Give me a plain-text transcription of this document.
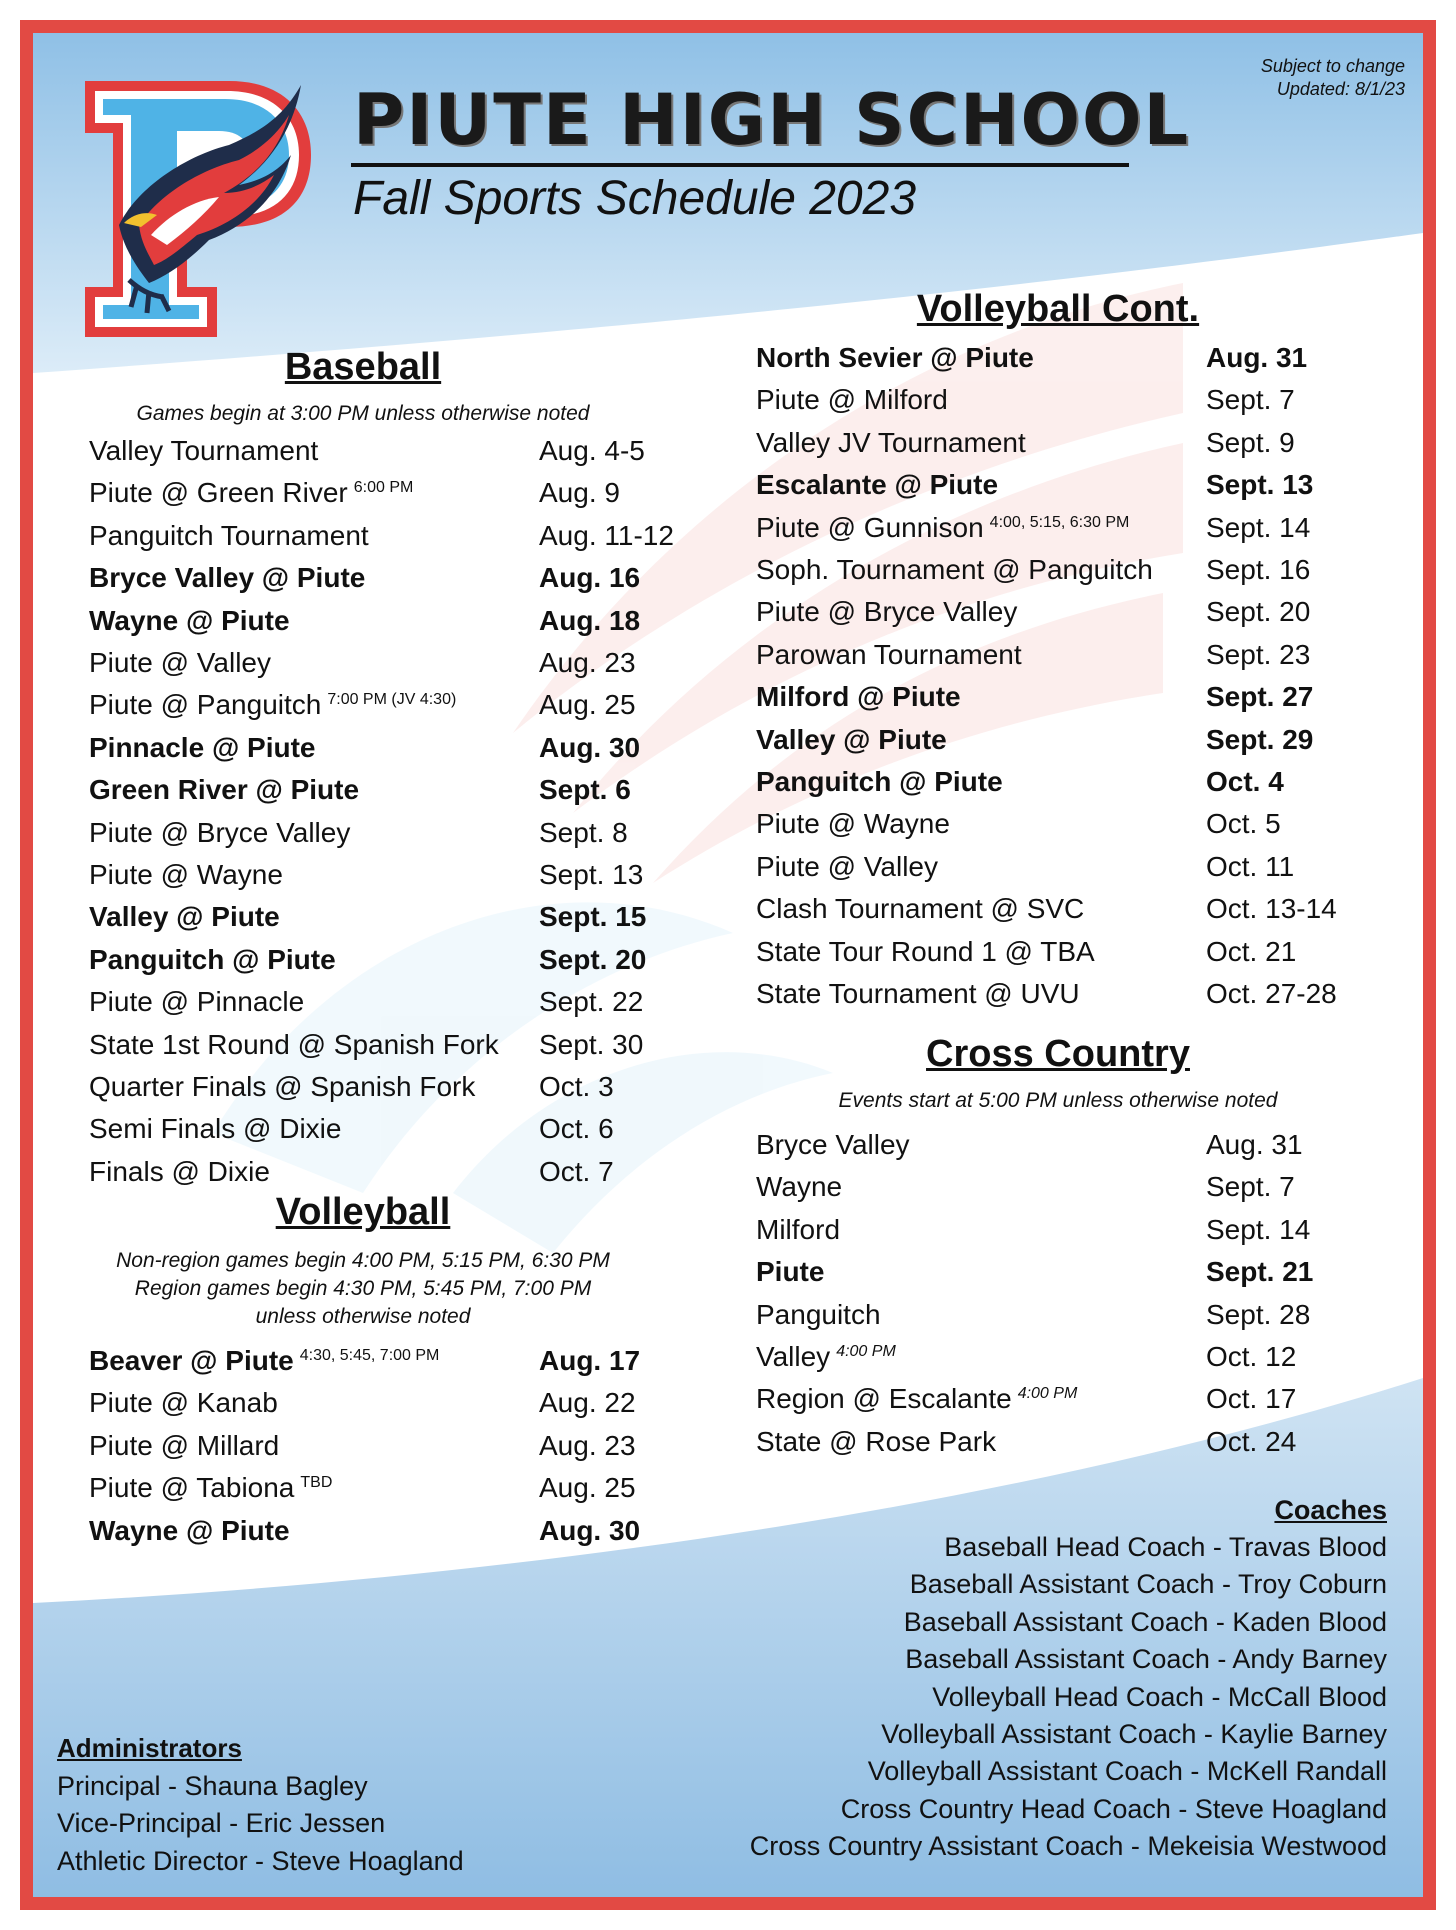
Subject to change
Updated: 8/1/23
PIUTE HIGH SCHOOL
Fall Sports Schedule 2023
Baseball
Games begin at 3:00 PM unless otherwise noted
Valley Tournament	Aug. 4-5
Piute @ Green River $^{6:00 PM}$	Aug. 9
Panguitch Tournament	Aug. 11-12
Bryce Valley @ Piute	Aug. 16
Wayne @ Piute	Aug. 18
Piute @ Valley	Aug. 23
Piute @ Panguitch $^{7:00 PM (JV 4:30)}$	Aug. 25
Pinnacle @ Piute	Aug. 30
Green River @ Piute	Sept. 6
Piute @ Bryce Valley	Sept. 8
Piute @ Wayne	Sept. 13
Valley @ Piute	Sept. 15
Panguitch @ Piute	Sept. 20
Piute @ Pinnacle	Sept. 22
State 1st Round @ Spanish Fork Sept. 30
Quarter Finals @ Spanish Fork Oct. 3
Semi Finals @ Dixie	Oct. 6
Finals @ Dixie	Oct. 7
Volleyball
Non-region games begin 4:00 PM, 5:15 PM, 6:30 PM
Region games begin 4:30 PM, 5:45 PM, 7:00 PM
unless otherwise noted
Beaver @ Piute $^{4:30, 5:45, 7:00 PM}$	Aug. 17
Piute @ Kanab	Aug. 22
Piute @ Millard	Aug. 23
Piute @ Tabiona $^{TBD}$	Aug. 25
Wayne @ Piute	Aug. 30
Volleyball Cont.
North Sevier @ Piute	Aug. 31
Piute @ Milford	Sept. 7
Valley JV Tournament	Sept. 9
Escalante @ Piute	Sept. 13
Piute @ Gunnison $^{4:00, 5:15, 6:30 PM}$	Sept. 14
Soph. Tournament @ Panguitch Sept. 16
Piute @ Bryce Valley	Sept. 20
Parowan Tournament	Sept. 23
Milford @ Piute	Sept. 27
Valley @ Piute	Sept. 29
Panguitch @ Piute	Oct. 4
Piute @ Wayne	Oct. 5
Piute @ Valley	Oct. 11
Clash Tournament @ SVC	Oct. 13-14
State Tour Round 1 @ TBA	Oct. 21
State Tournament @ UVU	Oct. 27-28
Cross Country
Events start at 5:00 PM unless otherwise noted
Bryce Valley	Aug. 31
Wayne	Sept. 7
Milford	Sept. 14
Piute	Sept. 21
Panguitch	Sept. 28
Valley $^{4:00 PM}$	Oct. 12
Region @ Escalante $^{4:00 PM}$	Oct. 17
State @ Rose Park	Oct. 24
Coaches
Baseball Head Coach - Travas Blood
Baseball Assistant Coach - Troy Coburn
Baseball Assistant Coach - Kaden Blood
Baseball Assistant Coach - Andy Barney
Volleyball Head Coach - McCall Blood
Volleyball Assistant Coach - Kaylie Barney
Volleyball Assistant Coach - McKell Randall
Cross Country Head Coach - Steve Hoagland
Cross Country Assistant Coach - Mekeisia Westwood
Administrators
Principal - Shauna Bagley
Vice-Principal - Eric Jessen
Athletic Director - Steve Hoagland
